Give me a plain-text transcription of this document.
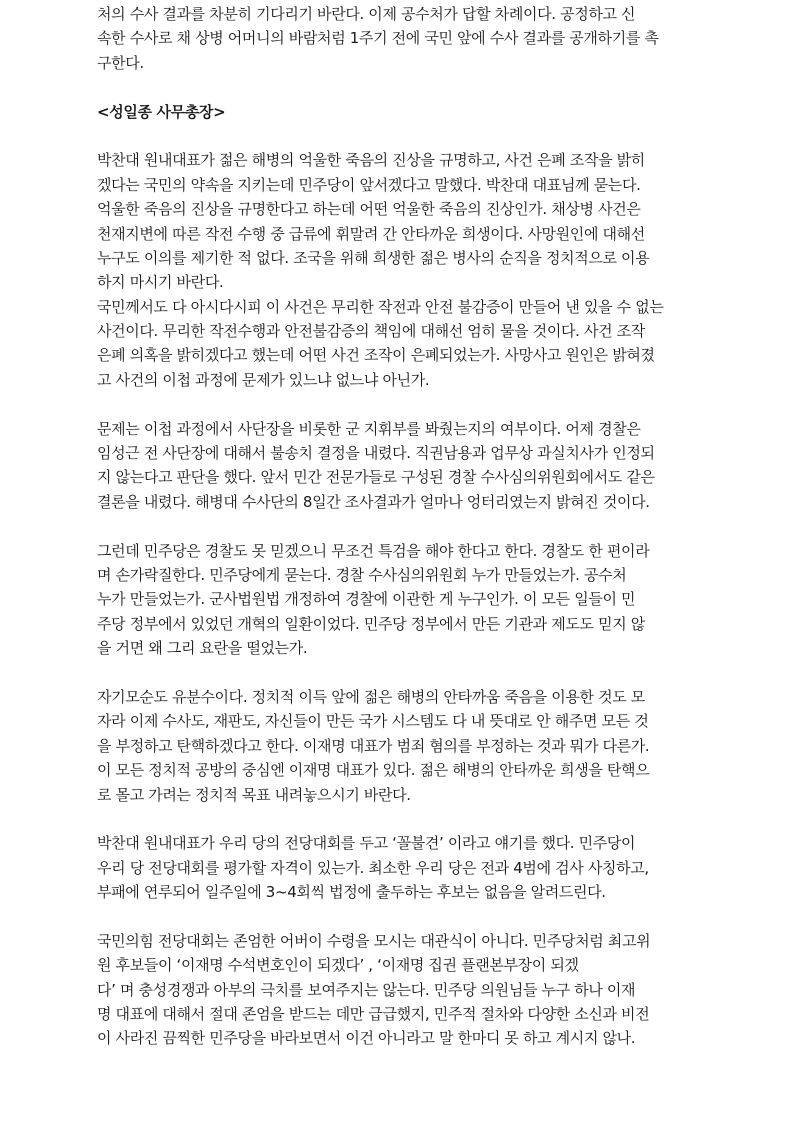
처의 수사 결과를 차분히 기다리기 바란다. 이제 공수처가 답할 차례이다. 공정하고 신
속한 수사로 채 상병 어머니의 바람처럼 1주기 전에 국민 앞에 수사 결과를 공개하기를 촉
구한다.
<성일종 사무총장>
박찬대 원내대표가 젊은 해병의 억울한 죽음의 진상을 규명하고, 사건 은폐 조작을 밝히
겠다는 국민의 약속을 지키는데 민주당이 앞서겠다고 말했다. 박찬대 대표님께 묻는다.
억울한 죽음의 진상을 규명한다고 하는데 어떤 억울한 죽음의 진상인가. 채상병 사건은
천재지변에 따른 작전 수행 중 급류에 휘말려 간 안타까운 희생이다. 사망원인에 대해선
누구도 이의를 제기한 적 없다. 조국을 위해 희생한 젊은 병사의 순직을 정치적으로 이용
하지 마시기 바란다.
국민께서도 다 아시다시피 이 사건은 무리한 작전과 안전 불감증이 만들어 낸 있을 수 없는
사건이다. 무리한 작전수행과 안전불감증의 책임에 대해선 엄히 물을 것이다. 사건 조작
은폐 의혹을 밝히겠다고 했는데 어떤 사건 조작이 은폐되었는가. 사망사고 원인은 밝혀졌
고 사건의 이첩 과정에 문제가 있느냐 없느냐 아닌가.
문제는 이첩 과정에서 사단장을 비롯한 군 지휘부를 봐줬는지의 여부이다. 어제 경찰은
임성근 전 사단장에 대해서 불송치 결정을 내렸다. 직권남용과 업무상 과실치사가 인정되
지 않는다고 판단을 했다. 앞서 민간 전문가들로 구성된 경찰 수사심의위원회에서도 같은
결론을 내렸다. 해병대 수사단의 8일간 조사결과가 얼마나 엉터리였는지 밝혀진 것이다.
그런데 민주당은 경찰도 못 믿겠으니 무조건 특검을 해야 한다고 한다. 경찰도 한 편이라
며 손가락질한다. 민주당에게 묻는다. 경찰 수사심의위원회 누가 만들었는가. 공수처
누가 만들었는가. 군사법원법 개정하여 경찰에 이관한 게 누구인가. 이 모든 일들이 민
주당 정부에서 있었던 개혁의 일환이었다. 민주당 정부에서 만든 기관과 제도도 믿지 않
을 거면 왜 그리 요란을 떨었는가.
자기모순도 유분수이다. 정치적 이득 앞에 젊은 해병의 안타까움 죽음을 이용한 것도 모
자라 이제 수사도, 재판도, 자신들이 만든 국가 시스템도 다 내 뜻대로 안 해주면 모든 것
을 부정하고 탄핵하겠다고 한다. 이재명 대표가 범죄 혐의를 부정하는 것과 뭐가 다른가.
이 모든 정치적 공방의 중심엔 이재명 대표가 있다. 젊은 해병의 안타까운 희생을 탄핵으
로 몰고 가려는 정치적 목표 내려놓으시기 바란다.
박찬대 원내대표가 우리 당의 전당대회를 두고 ‘꼴불견’ 이라고 얘기를 했다. 민주당이
우리 당 전당대회를 평가할 자격이 있는가. 최소한 우리 당은 전과 4범에 검사 사칭하고,
부패에 연루되어 일주일에 3~4회씩 법정에 출두하는 후보는 없음을 알려드린다.
국민의힘 전당대회는 존엄한 어버이 수령을 모시는 대관식이 아니다. 민주당처럼 최고위
원 후보들이 ‘이재명 수석변호인이 되겠다’ , ‘이재명 집권 플랜본부장이 되겠
다’ 며 충성경쟁과 아부의 극치를 보여주지는 않는다. 민주당 의원님들 누구 하나 이재
명 대표에 대해서 절대 존엄을 받드는 데만 급급했지, 민주적 절차와 다양한 소신과 비전
이 사라진 끔찍한 민주당을 바라보면서 이건 아니라고 말 한마디 못 하고 계시지 않나.
